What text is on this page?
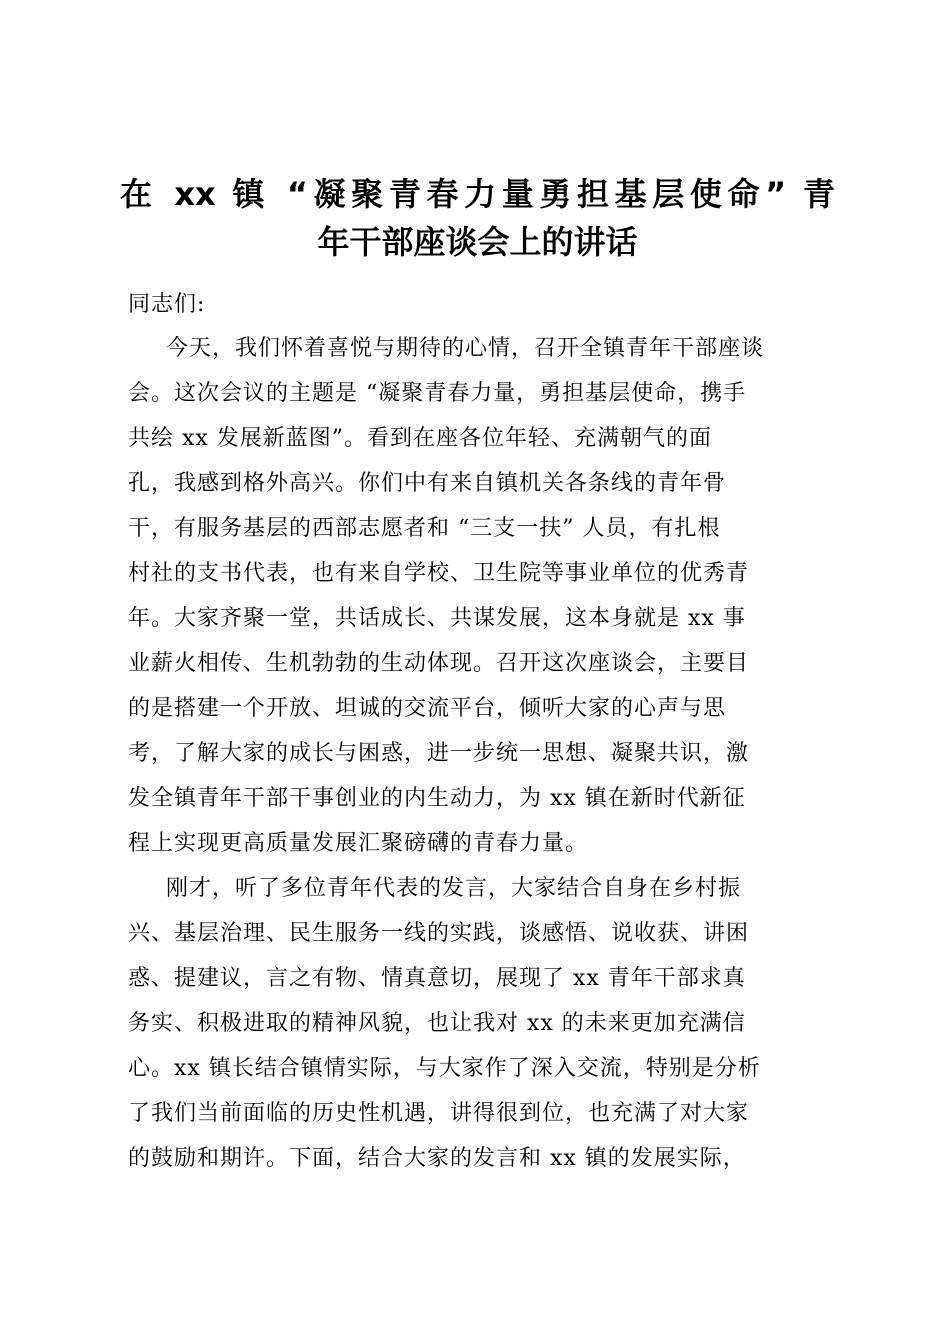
在 xx 镇 “凝聚青春力量勇担基层使命” 青
年干部座谈会上的讲话
同志们:
今天，我们怀着喜悦与期待的心情，召开全镇青年干部座谈
会。这次会议的主题是 “凝聚青春力量，勇担基层使命，携手
共绘 xx 发展新蓝图”。看到在座各位年轻、充满朝气的面
孔，我感到格外高兴。你们中有来自镇机关各条线的青年骨
干，有服务基层的西部志愿者和 “三支一扶” 人员，有扎根
村社的支书代表，也有来自学校、卫生院等事业单位的优秀青
年。大家齐聚一堂，共话成长、共谋发展，这本身就是 xx 事
业薪火相传、生机勃勃的生动体现。召开这次座谈会，主要目
的是搭建一个开放、坦诚的交流平台，倾听大家的心声与思
考，了解大家的成长与困惑，进一步统一思想、凝聚共识，激
发全镇青年干部干事创业的内生动力，为 xx 镇在新时代新征
程上实现更高质量发展汇聚磅礴的青春力量。
刚才，听了多位青年代表的发言，大家结合自身在乡村振
兴、基层治理、民生服务一线的实践，谈感悟、说收获、讲困
惑、提建议，言之有物、情真意切，展现了 xx 青年干部求真
务实、积极进取的精神风貌，也让我对 xx 的未来更加充满信
心。xx 镇长结合镇情实际，与大家作了深入交流，特别是分析
了我们当前面临的历史性机遇，讲得很到位，也充满了对大家
的鼓励和期许。下面，结合大家的发言和 xx 镇的发展实际，
